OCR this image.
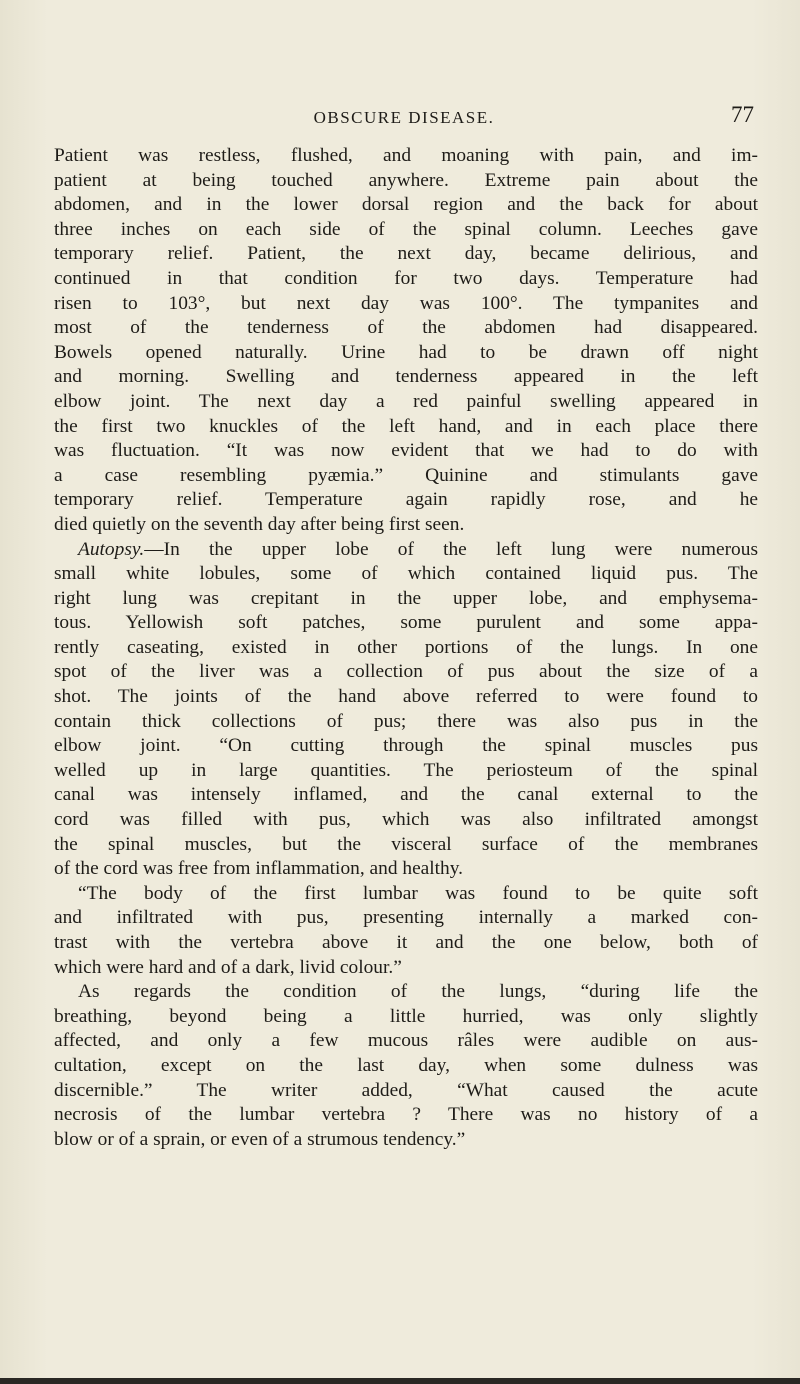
OBSCURE DISEASE.	77
Patient was restless, flushed, and moaning with pain, and im-
patient at being touched anywhere. Extreme pain about the
abdomen, and in the lower dorsal region and the back for about
three inches on each side of the spinal column. Leeches gave
temporary relief. Patient, the next day, became delirious, and
continued in that condition for two days. Temperature had
risen to 103°, but next day was 100°. The tympanites and
most of the tenderness of the abdomen had disappeared.
Bowels opened naturally. Urine had to be drawn off night
and morning. Swelling and tenderness appeared in the left
elbow joint. The next day a red painful swelling appeared in
the first two knuckles of the left hand, and in each place there
was fluctuation. “It was now evident that we had to do with
a case resembling pyæmia.” Quinine and stimulants gave
temporary relief. Temperature again rapidly rose, and he
died quietly on the seventh day after being first seen.
Autopsy.—In the upper lobe of the left lung were numerous
small white lobules, some of which contained liquid pus. The
right lung was crepitant in the upper lobe, and emphysema-
tous. Yellowish soft patches, some purulent and some appa-
rently caseating, existed in other portions of the lungs. In one
spot of the liver was a collection of pus about the size of a
shot. The joints of the hand above referred to were found to
contain thick collections of pus; there was also pus in the
elbow joint. “On cutting through the spinal muscles pus
welled up in large quantities. The periosteum of the spinal
canal was intensely inflamed, and the canal external to the
cord was filled with pus, which was also infiltrated amongst
the spinal muscles, but the visceral surface of the membranes
of the cord was free from inflammation, and healthy.
“The body of the first lumbar was found to be quite soft
and infiltrated with pus, presenting internally a marked con-
trast with the vertebra above it and the one below, both of
which were hard and of a dark, livid colour.”
As regards the condition of the lungs, “during life the
breathing, beyond being a little hurried, was only slightly
affected, and only a few mucous râles were audible on aus-
cultation, except on the last day, when some dulness was
discernible.” The writer added, “What caused the acute
necrosis of the lumbar vertebra ? There was no history of a
blow or of a sprain, or even of a strumous tendency.”
